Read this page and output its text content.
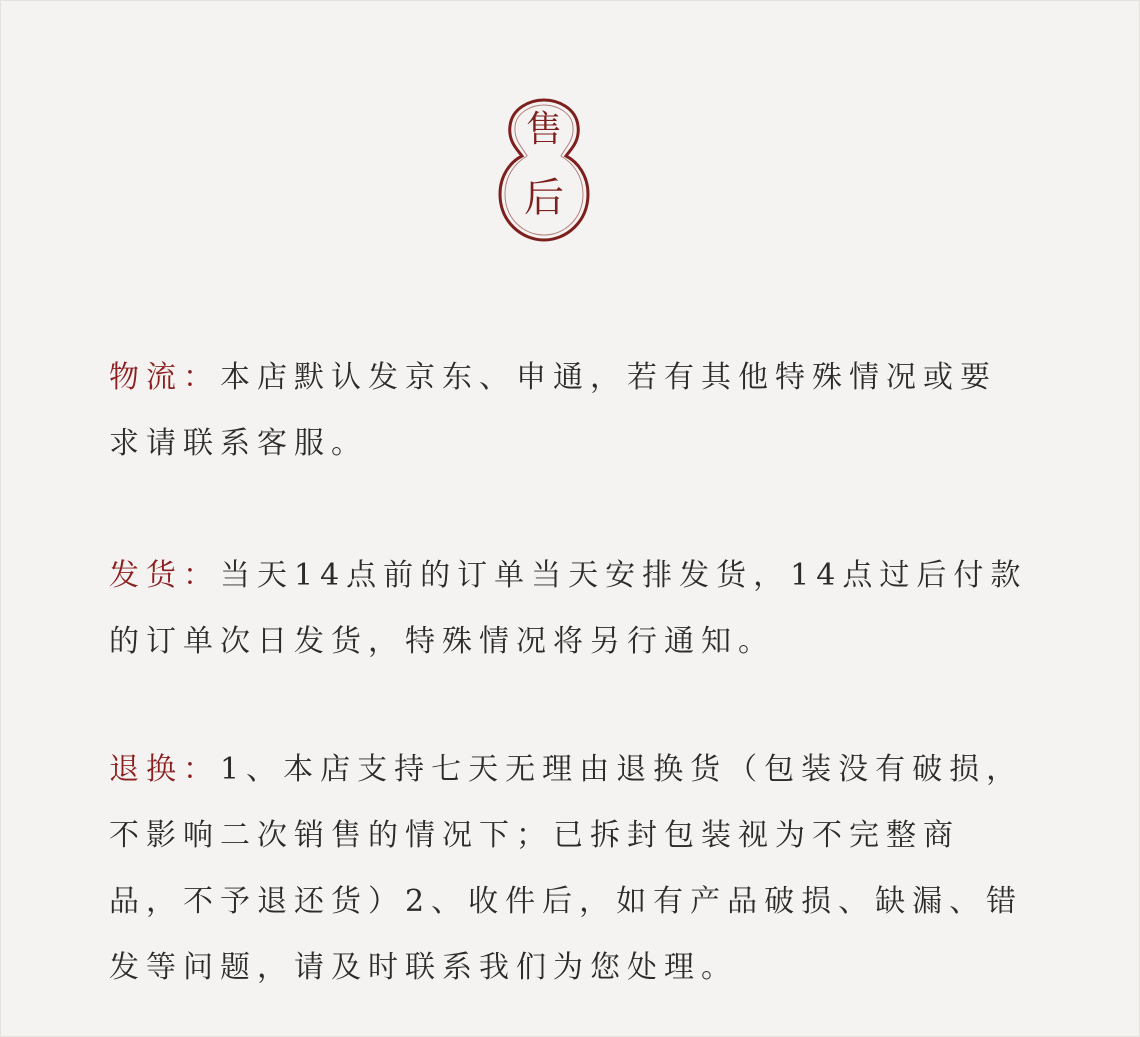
售
后
物流：本店默认发京东、申通，若有其他特殊情况或要求请联系客服。
发货：当天14点前的订单当天安排发货，14点过后付款的订单次日发货，特殊情况将另行通知。
退换：1、本店支持七天无理由退换货（包装没有破损，不影响二次销售的情况下；已拆封包装视为不完整商品，不予退还货）2、收件后，如有产品破损、缺漏、错发等问题，请及时联系我们为您处理。
